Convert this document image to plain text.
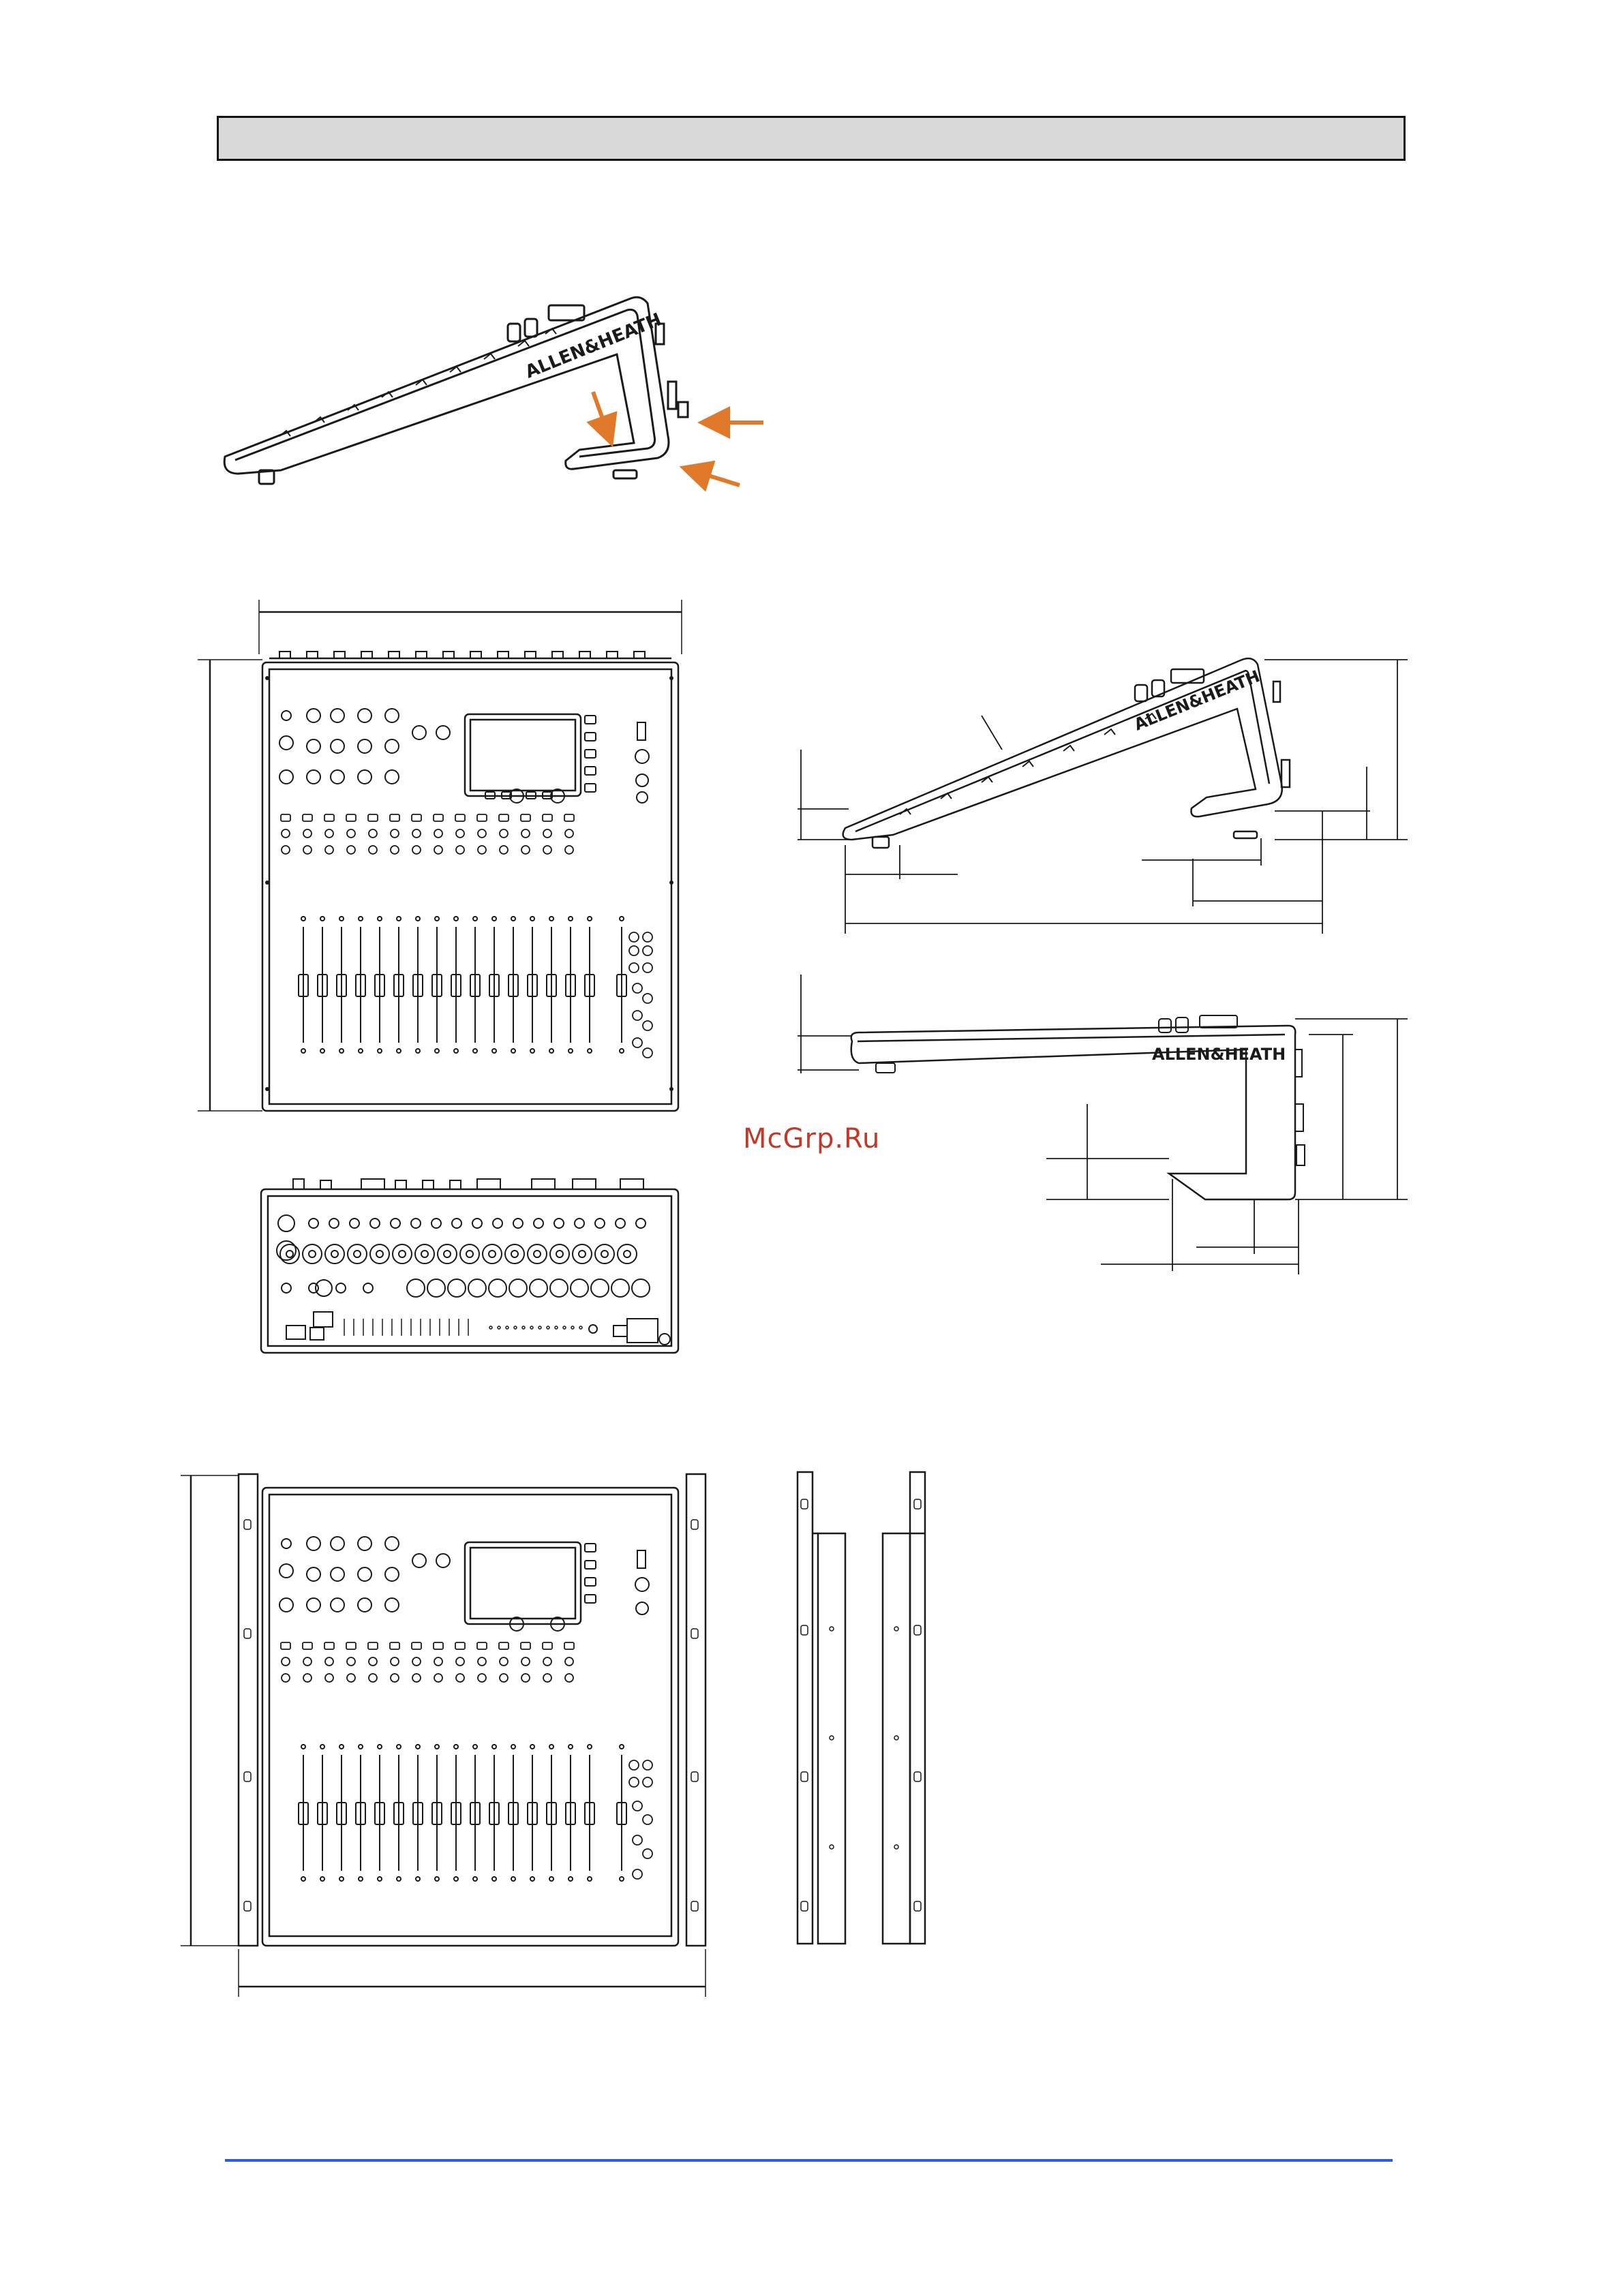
ALLEN&HEATH
ALLEN&HEATH
ALLEN&HEATH
McGrp.Ru
